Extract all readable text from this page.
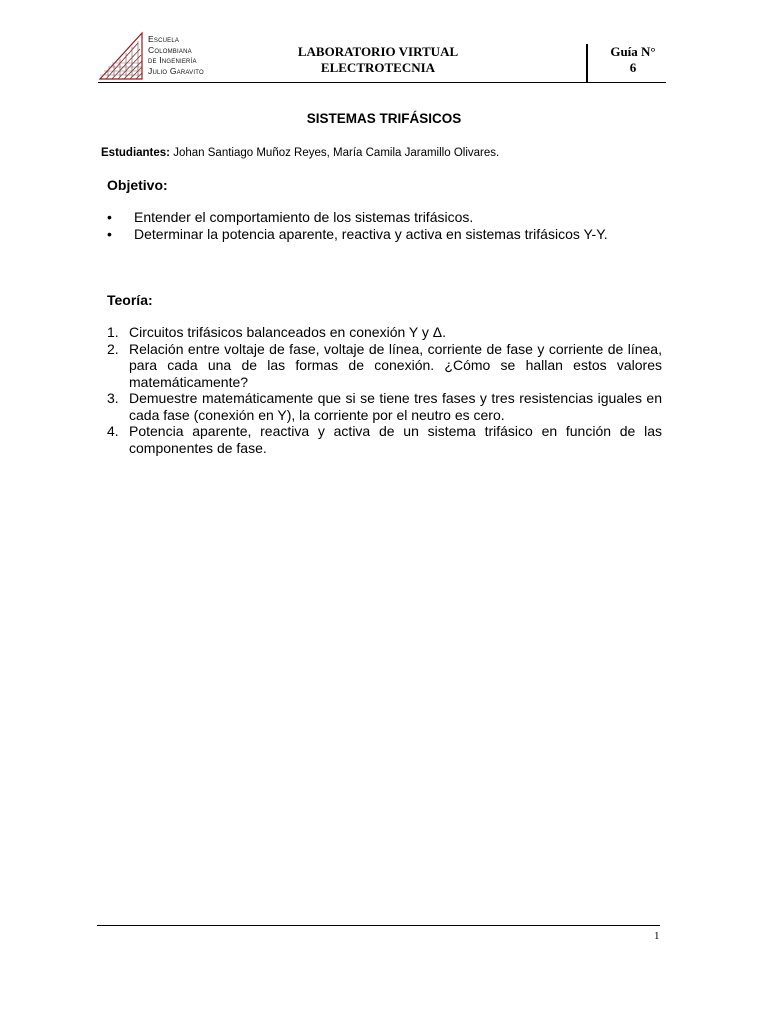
Escuela
Colombiana
de Ingeniería
Julio Garavito
LABORATORIO VIRTUAL
ELECTROTECNIA
Guía N°
6
SISTEMAS TRIFÁSICOS
Estudiantes: Johan Santiago Muñoz Reyes, María Camila Jaramillo Olivares.
Objetivo:
• Entender el comportamiento de los sistemas trifásicos.
• Determinar la potencia aparente, reactiva y activa en sistemas trifásicos Y-Y.
Teoría:
1. Circuitos trifásicos balanceados en conexión Y y Δ.
2. Relación entre voltaje de fase, voltaje de línea, corriente de fase y corriente de línea, para cada una de las formas de conexión. ¿Cómo se hallan estos valores matemáticamente?
3. Demuestre matemáticamente que si se tiene tres fases y tres resistencias iguales en cada fase (conexión en Y), la corriente por el neutro es cero.
4. Potencia aparente, reactiva y activa de un sistema trifásico en función de las componentes de fase.
1
